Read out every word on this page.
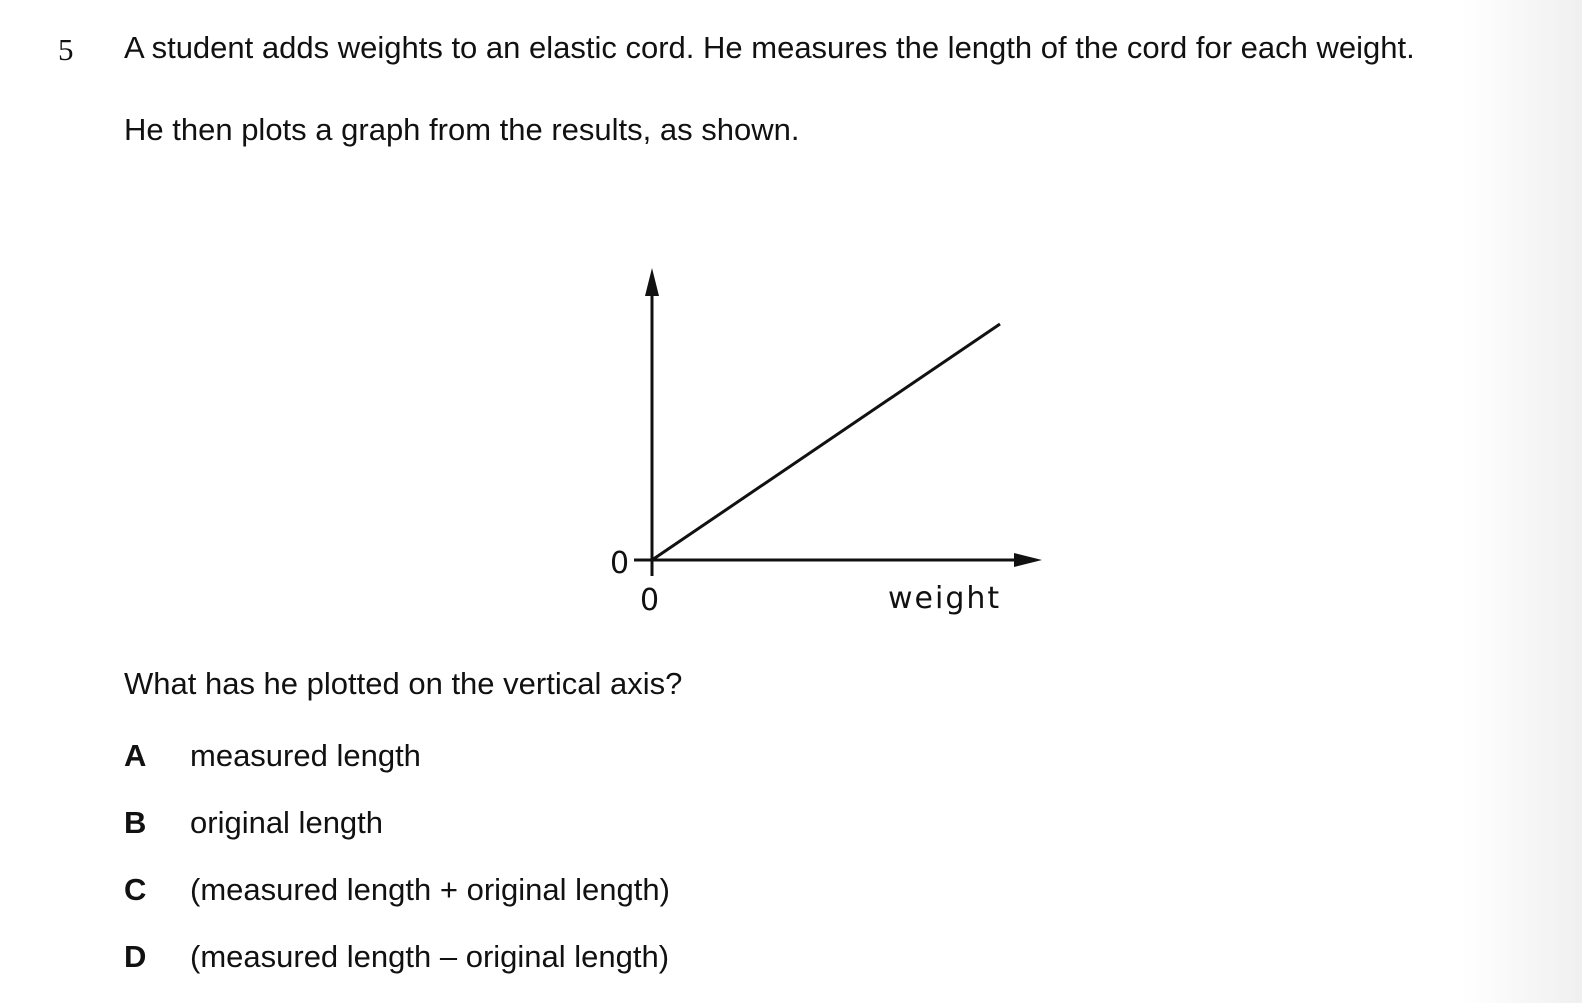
5 A student adds weights to an elastic cord. He measures the length of the cord for each weight.
He then plots a graph from the results, as shown.
0
0	weight
What has he plotted on the vertical axis?
A measured length
B original length
C (measured length + original length)
D (measured length – original length)
